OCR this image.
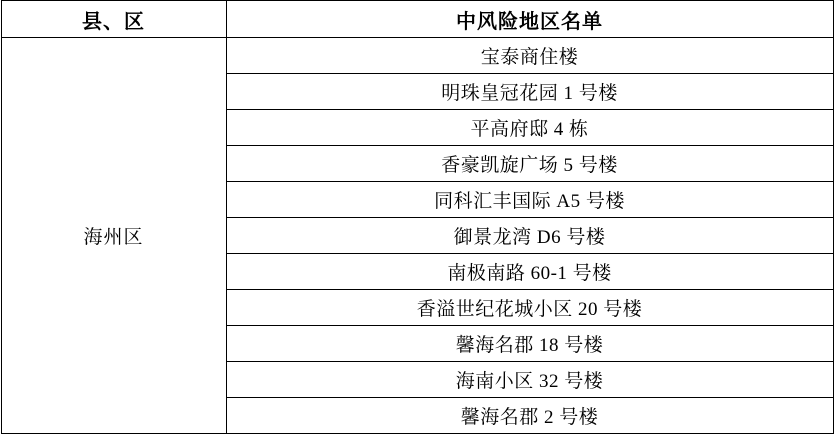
县、区	中风险地区名单
海州区	宝泰商住楼
	明珠皇冠花园 1 号楼
	平高府邸 4 栋
	香豪凯旋广场 5 号楼
	同科汇丰国际 A5 号楼
	御景龙湾 D6 号楼
	南极南路 60-1 号楼
	香溢世纪花城小区 20 号楼
	馨海名郡 18 号楼
	海南小区 32 号楼
	馨海名郡 2 号楼
